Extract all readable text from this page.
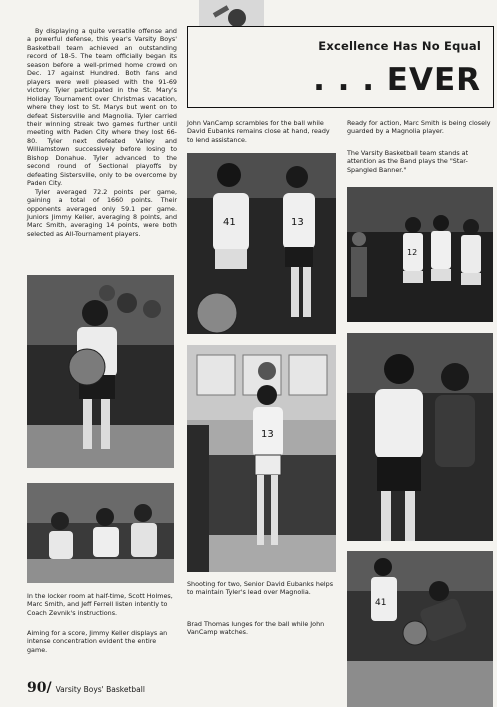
Excellence Has No Equal
. . . EVER
By displaying a quite versatile offense and a powerful defense, this year's Varsity Boys' Basketball team achieved an outstanding record of 18-5. The team officially began its season before a well-primed home crowd on Dec. 17 against Hundred. Both fans and players were well pleased with the 91-69 victory. Tyler participated in the St. Mary's Holiday Tournament over Christmas vacation, where they lost to St. Marys but went on to defeat Sistersville and Magnolia. Tyler carried their winning streak two games further until meeting with Paden City where they lost 66-80. Tyler next defeated Valley and Williamstown successively before losing to Bishop Donahue. Tyler advanced to the second round of Sectional playoffs by defeating Sistersville, only to be overcome by Paden City.
Tyler averaged 72.2 points per game, gaining a total of 1660 points. Their opponents averaged only 59.1 per game. Juniors Jimmy Keller, averaging 8 points, and Marc Smith, averaging 14 points, were both selected as All-Tournament players.
In the locker room at half-time, Scott Holmes, Marc Smith, and Jeff Ferrell listen intently to Coach Zevnik's instructions.
Aiming for a score, Jimmy Keller displays an intense concentration evident the entire game.
John VanCamp scrambles for the ball while David Eubanks remains close at hand, ready to lend assistance.
41	13
13
Shooting for two, Senior David Eubanks helps to maintain Tyler's lead over Magnolia.
Brad Thomas lunges for the ball while John VanCamp watches.
Ready for action, Marc Smith is being closely guarded by a Magnolia player.
The Varsity Basketball team stands at attention as the Band plays the "Star-Spangled Banner."
12
41
90/ Varsity Boys' Basketball
